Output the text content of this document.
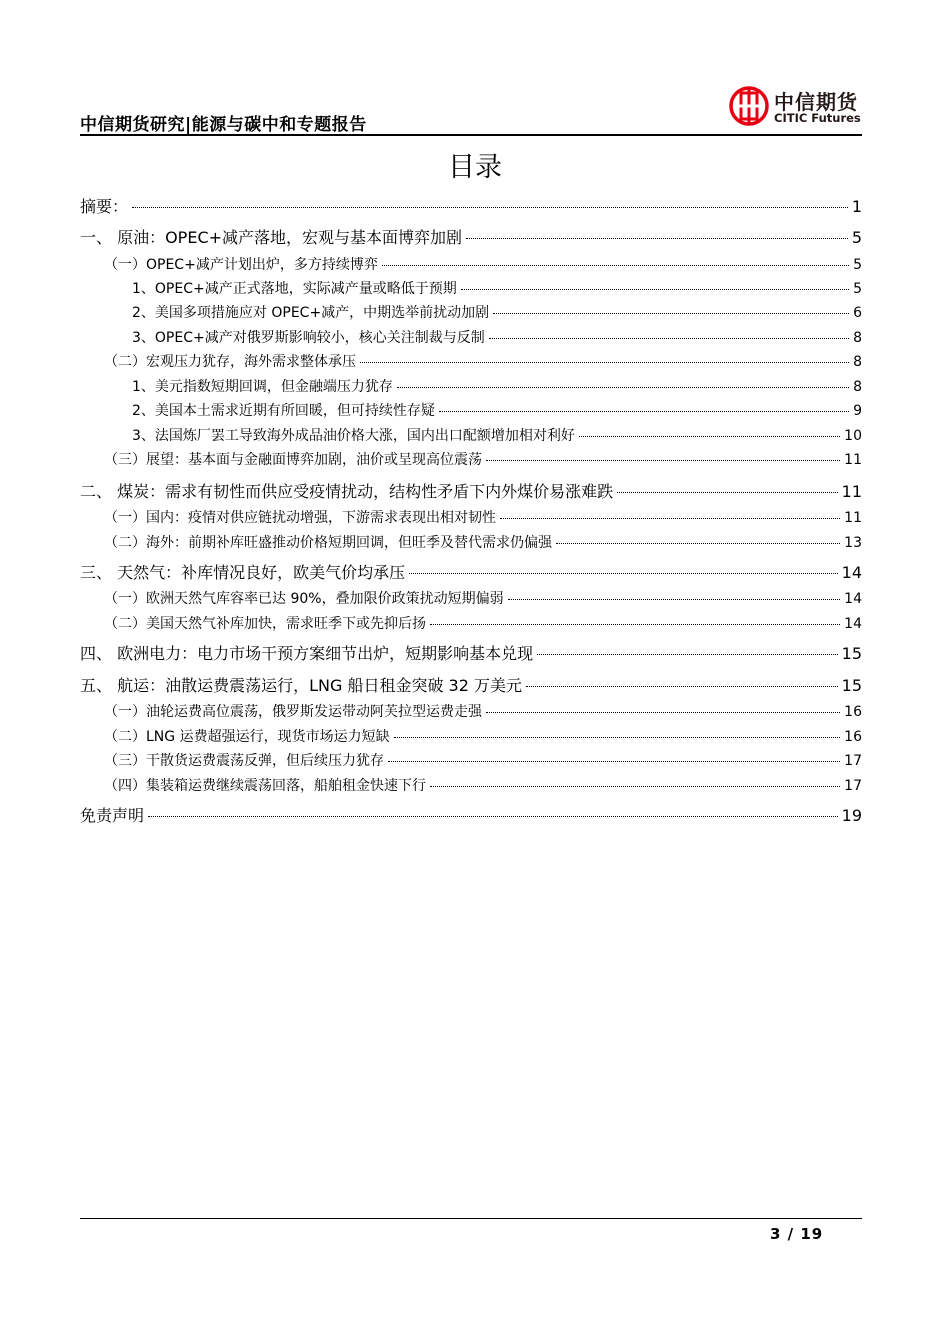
中信期货研究|能源与碳中和专题报告
中信期货
CITIC Futures
目录
摘要：	1
一、 原油：OPEC+减产落地，宏观与基本面博弈加剧	5
（一）OPEC+减产计划出炉，多方持续博弈	5
1、OPEC+减产正式落地，实际减产量或略低于预期	5
2、美国多项措施应对 OPEC+减产，中期选举前扰动加剧	6
3、OPEC+减产对俄罗斯影响较小，核心关注制裁与反制	8
（二）宏观压力犹存，海外需求整体承压	8
1、美元指数短期回调，但金融端压力犹存	8
2、美国本土需求近期有所回暖，但可持续性存疑	9
3、法国炼厂罢工导致海外成品油价格大涨，国内出口配额增加相对利好	10
（三）展望：基本面与金融面博弈加剧，油价或呈现高位震荡	11
二、 煤炭：需求有韧性而供应受疫情扰动，结构性矛盾下内外煤价易涨难跌	11
（一）国内：疫情对供应链扰动增强，下游需求表现出相对韧性	11
（二）海外：前期补库旺盛推动价格短期回调，但旺季及替代需求仍偏强	13
三、 天然气：补库情况良好，欧美气价均承压	14
（一）欧洲天然气库容率已达 90%，叠加限价政策扰动短期偏弱	14
（二）美国天然气补库加快，需求旺季下或先抑后扬	14
四、 欧洲电力：电力市场干预方案细节出炉，短期影响基本兑现	15
五、 航运：油散运费震荡运行，LNG 船日租金突破 32 万美元	15
（一）油轮运费高位震荡，俄罗斯发运带动阿芙拉型运费走强	16
（二）LNG 运费超强运行，现货市场运力短缺	16
（三）干散货运费震荡反弹，但后续压力犹存	17
（四）集装箱运费继续震荡回落，船舶租金快速下行	17
免责声明	19
3 / 19
